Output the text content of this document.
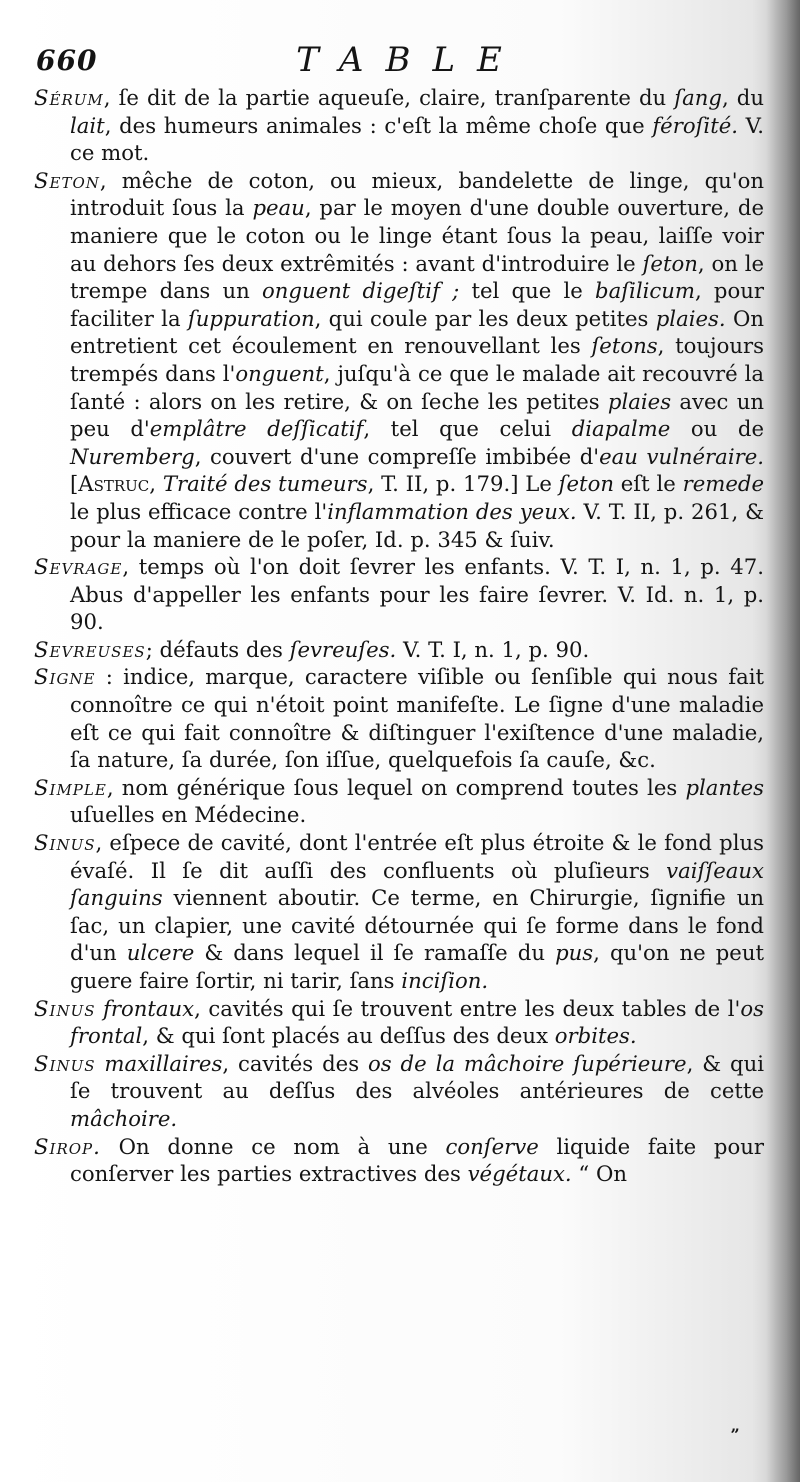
660	TABLE

Sérum, ſe dit de la partie aqueuſe, claire, tranſparente du ſang, du lait, des humeurs animales : c'eſt la même choſe que féroſité. V. ce mot.

Seton, mêche de coton, ou mieux, bandelette de linge, qu'on introduit ſous la peau, par le moyen d'une double ouverture, de maniere que le coton ou le linge étant ſous la peau, laiſſe voir au dehors ſes deux extrêmités : avant d'introduire le ſeton, on le trempe dans un onguent digeſtif ; tel que le baſilicum, pour faciliter la ſuppuration, qui coule par les deux petites plaies. On entretient cet écoulement en renouvellant les ſetons, toujours trempés dans l'onguent, juſqu'à ce que le malade ait recouvré la ſanté : alors on les retire, & on ſeche les petites plaies avec un peu d'emplâtre deſſicatif, tel que celui diapalme ou de Nuremberg, couvert d'une compreſſe imbibée d'eau vulnéraire. [Astruc, Traité des tumeurs, T. II, p. 179.] Le ſeton eſt le remede le plus efficace contre l'inflammation des yeux. V. T. II, p. 261, & pour la maniere de le poſer, Id. p. 345 & ſuiv.

Sevrage, temps où l'on doit ſevrer les enfants. V. T. I, n. 1, p. 47. Abus d'appeller les enfants pour les faire ſevrer. V. Id. n. 1, p. 90.

Sevreuses; défauts des ſevreuſes. V. T. I, n. 1, p. 90.

Signe : indice, marque, caractere viſible ou ſenſible qui nous fait connoître ce qui n'étoit point manifeſte. Le ſigne d'une maladie eſt ce qui fait connoître & diſtinguer l'exiſtence d'une maladie, ſa nature, ſa durée, ſon iſſue, quelquefois ſa cauſe, &c.

Simple, nom générique ſous lequel on comprend toutes les plantes uſuelles en Médecine.

Sinus, eſpece de cavité, dont l'entrée eſt plus étroite & le fond plus évaſé. Il ſe dit auſſi des confluents où pluſieurs vaiſſeaux ſanguins viennent aboutir. Ce terme, en Chirurgie, ſignifie un ſac, un clapier, une cavité détournée qui ſe forme dans le fond d'un ulcere & dans lequel il ſe ramaſſe du pus, qu'on ne peut guere faire ſortir, ni tarir, ſans inciſion.

Sinus frontaux, cavités qui ſe trouvent entre les deux tables de l'os frontal, & qui ſont placés au deſſus des deux orbites.

Sinus maxillaires, cavités des os de la mâchoire ſupérieure, & qui ſe trouvent au deſſus des alvéoles antérieures de cette mâchoire.

Sirop. On donne ce nom à une conſerve liquide faite pour conſerver les parties extractives des végétaux. “ On

„
